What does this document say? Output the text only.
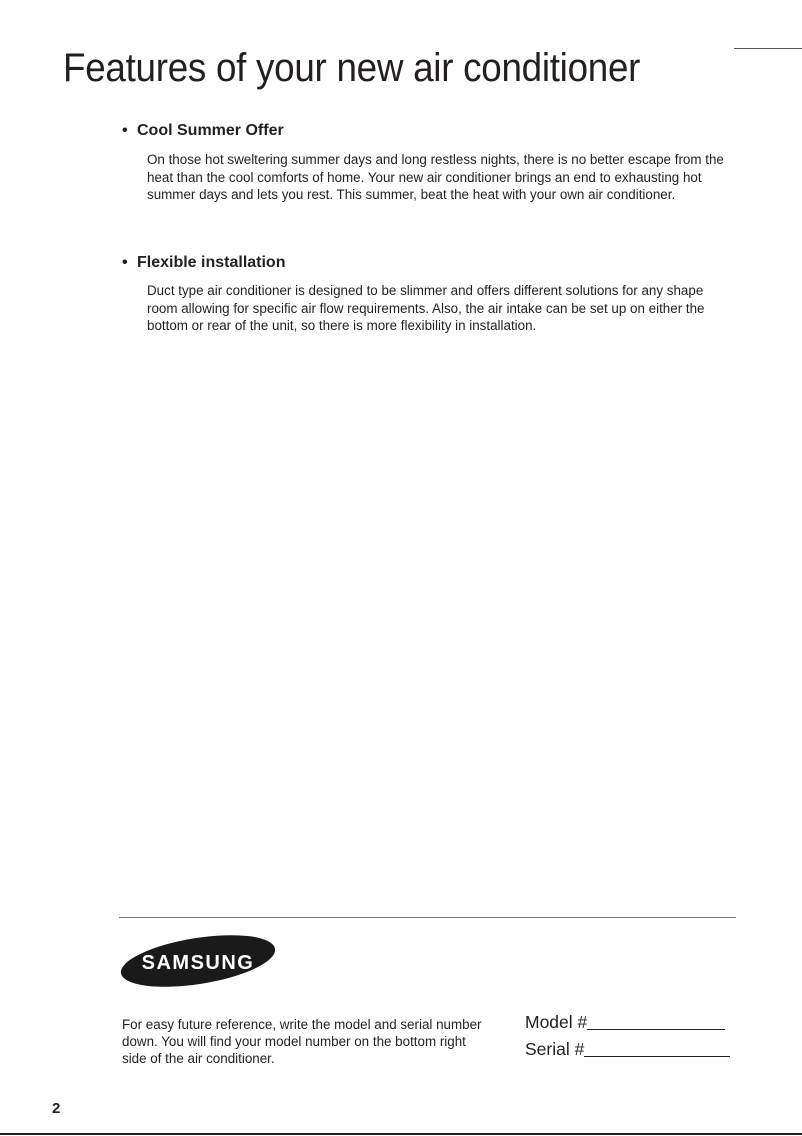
Features of your new air conditioner
• Cool Summer Offer
On those hot sweltering summer days and long restless nights, there is no better escape from the heat than the cool comforts of home. Your new air conditioner brings an end to exhausting hot summer days and lets you rest. This summer, beat the heat with your own air conditioner.
• Flexible installation
Duct type air conditioner is designed to be slimmer and offers different solutions for any shape room allowing for specific air flow requirements. Also, the air intake can be set up on either the bottom or rear of the unit, so there is more flexibility in installation.
SAMSUNG
For easy future reference, write the model and serial number down. You will find your model number on the bottom right side of the air conditioner.
Model #
Serial #
2
